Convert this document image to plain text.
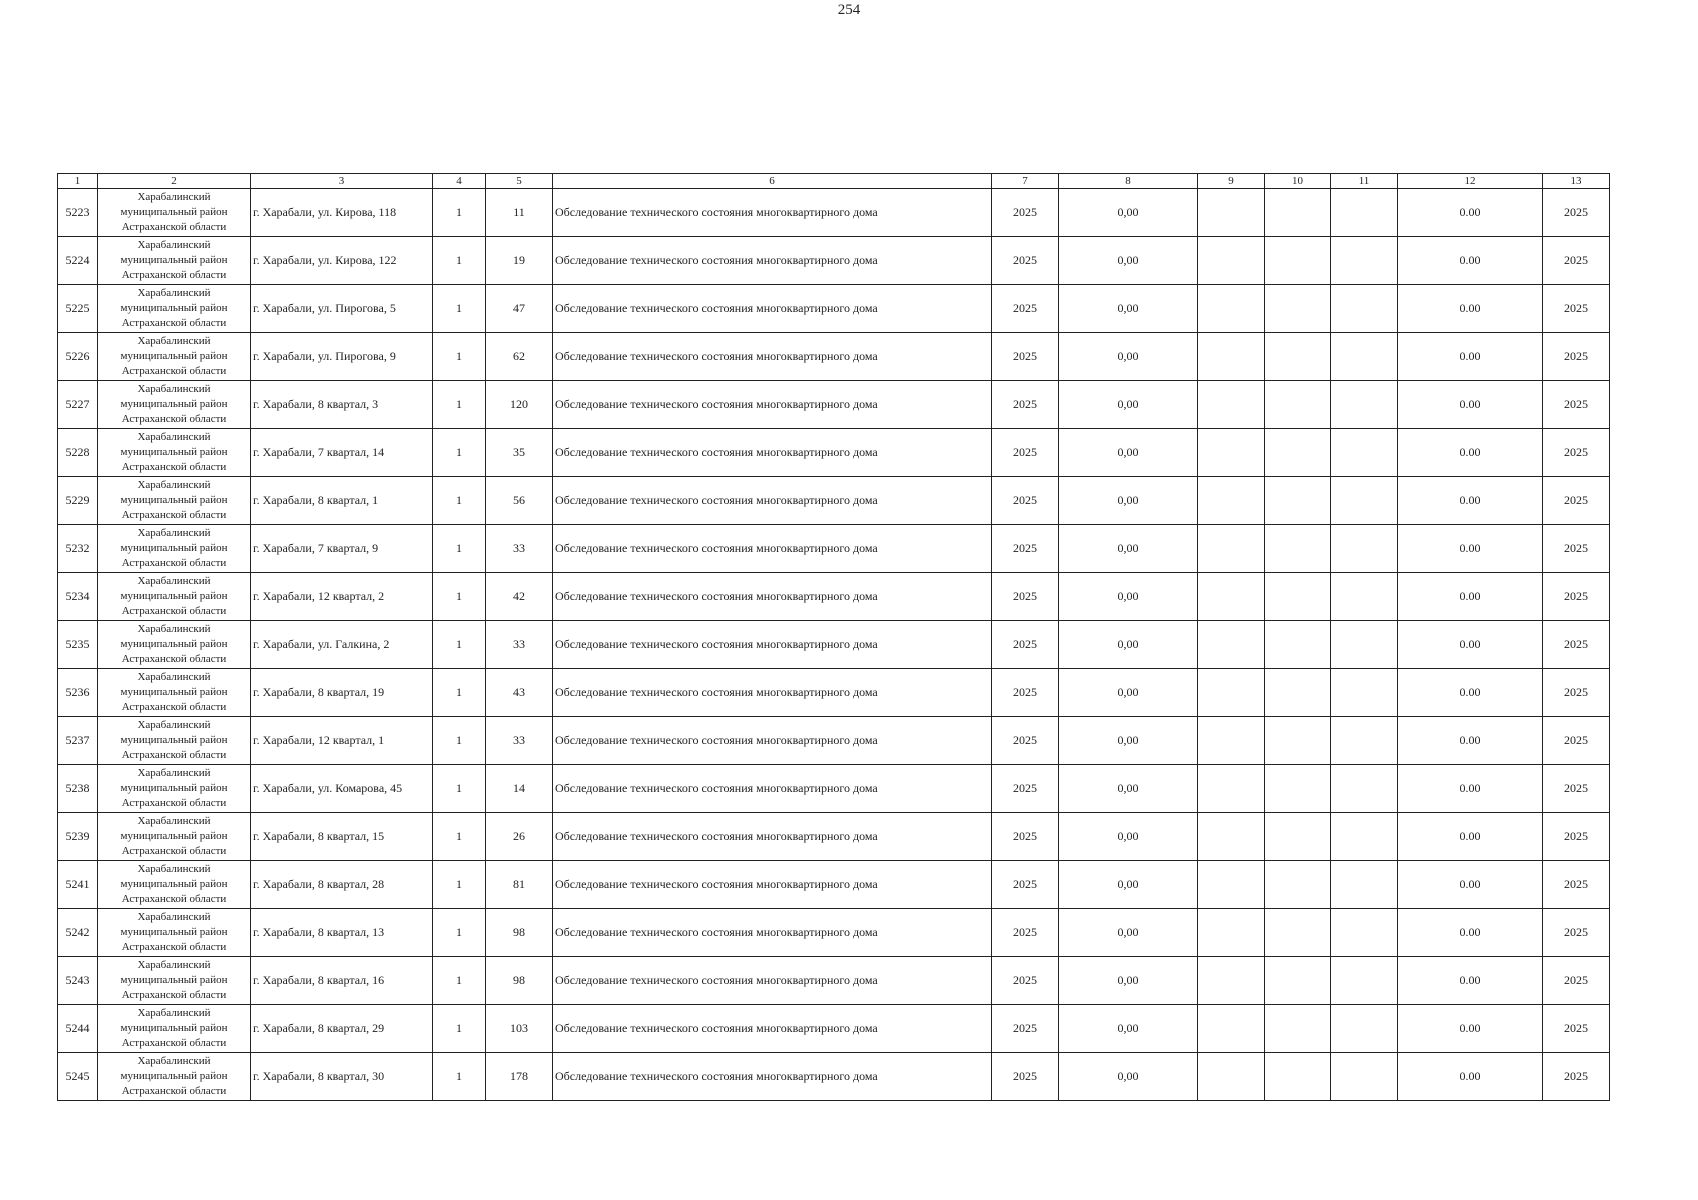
254
1	2	3	4	5	6	7	8	9	10	11	12	13
5223	Харабалинский муниципальный район Астраханской области	г. Харабали, ул. Кирова, 118	1	11	Обследование технического состояния многоквартирного дома	2025	0,00				0.00	2025
5224	Харабалинский муниципальный район Астраханской области	г. Харабали, ул. Кирова, 122	1	19	Обследование технического состояния многоквартирного дома	2025	0,00				0.00	2025
5225	Харабалинский муниципальный район Астраханской области	г. Харабали, ул. Пирогова, 5	1	47	Обследование технического состояния многоквартирного дома	2025	0,00				0.00	2025
5226	Харабалинский муниципальный район Астраханской области	г. Харабали, ул. Пирогова, 9	1	62	Обследование технического состояния многоквартирного дома	2025	0,00				0.00	2025
5227	Харабалинский муниципальный район Астраханской области	г. Харабали, 8 квартал, 3	1	120	Обследование технического состояния многоквартирного дома	2025	0,00				0.00	2025
5228	Харабалинский муниципальный район Астраханской области	г. Харабали, 7 квартал, 14	1	35	Обследование технического состояния многоквартирного дома	2025	0,00				0.00	2025
5229	Харабалинский муниципальный район Астраханской области	г. Харабали, 8 квартал, 1	1	56	Обследование технического состояния многоквартирного дома	2025	0,00				0.00	2025
5232	Харабалинский муниципальный район Астраханской области	г. Харабали, 7 квартал, 9	1	33	Обследование технического состояния многоквартирного дома	2025	0,00				0.00	2025
5234	Харабалинский муниципальный район Астраханской области	г. Харабали, 12 квартал, 2	1	42	Обследование технического состояния многоквартирного дома	2025	0,00				0.00	2025
5235	Харабалинский муниципальный район Астраханской области	г. Харабали, ул. Галкина, 2	1	33	Обследование технического состояния многоквартирного дома	2025	0,00				0.00	2025
5236	Харабалинский муниципальный район Астраханской области	г. Харабали, 8 квартал, 19	1	43	Обследование технического состояния многоквартирного дома	2025	0,00				0.00	2025
5237	Харабалинский муниципальный район Астраханской области	г. Харабали, 12 квартал, 1	1	33	Обследование технического состояния многоквартирного дома	2025	0,00				0.00	2025
5238	Харабалинский муниципальный район Астраханской области	г. Харабали, ул. Комарова, 45	1	14	Обследование технического состояния многоквартирного дома	2025	0,00				0.00	2025
5239	Харабалинский муниципальный район Астраханской области	г. Харабали, 8 квартал, 15	1	26	Обследование технического состояния многоквартирного дома	2025	0,00				0.00	2025
5241	Харабалинский муниципальный район Астраханской области	г. Харабали, 8 квартал, 28	1	81	Обследование технического состояния многоквартирного дома	2025	0,00				0.00	2025
5242	Харабалинский муниципальный район Астраханской области	г. Харабали, 8 квартал, 13	1	98	Обследование технического состояния многоквартирного дома	2025	0,00				0.00	2025
5243	Харабалинский муниципальный район Астраханской области	г. Харабали, 8 квартал, 16	1	98	Обследование технического состояния многоквартирного дома	2025	0,00				0.00	2025
5244	Харабалинский муниципальный район Астраханской области	г. Харабали, 8 квартал, 29	1	103	Обследование технического состояния многоквартирного дома	2025	0,00				0.00	2025
5245	Харабалинский муниципальный район Астраханской области	г. Харабали, 8 квартал, 30	1	178	Обследование технического состояния многоквартирного дома	2025	0,00				0.00	2025
